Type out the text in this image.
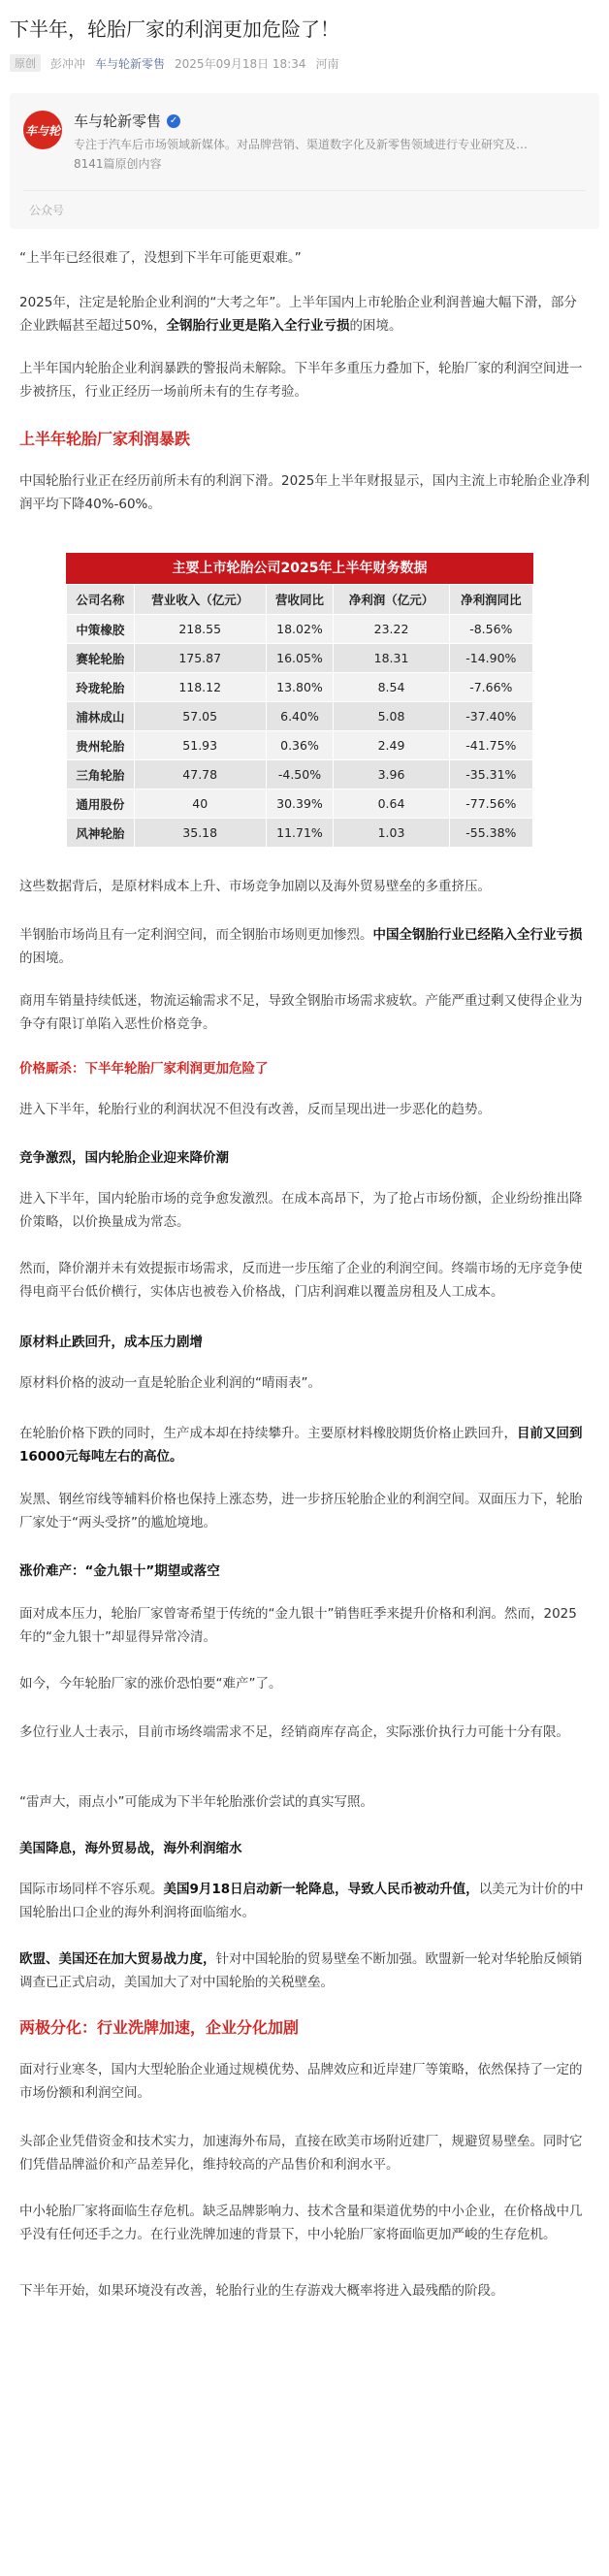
下半年，轮胎厂家的利润更加危险了！
原创	彭冲冲 车与轮新零售 2025年09月18日 18:34 河南
车与轮
车与轮新零售 ✓
专注于汽车后市场领域新媒体。对品牌营销、渠道数字化及新零售领域进行专业研究及…
8141篇原创内容
公众号
“上半年已经很难了，没想到下半年可能更艰难。”
2025年，注定是轮胎企业利润的“大考之年”。上半年国内上市轮胎企业利润普遍大幅下滑，部分企业跌幅甚至超过50%，全钢胎行业更是陷入全行业亏损的困境。
上半年国内轮胎企业利润暴跌的警报尚未解除。下半年多重压力叠加下，轮胎厂家的利润空间进一步被挤压，行业正经历一场前所未有的生存考验。
上半年轮胎厂家利润暴跌
中国轮胎行业正在经历前所未有的利润下滑。2025年上半年财报显示，国内主流上市轮胎企业净利润平均下降40%-60%。
主要上市轮胎公司2025年上半年财务数据
公司名称	营业收入（亿元）	营收同比	净利润（亿元）	净利润同比
中策橡胶	218.55	18.02%	23.22	-8.56%
赛轮轮胎	175.87	16.05%	18.31	-14.90%
玲珑轮胎	118.12	13.80%	8.54	-7.66%
浦林成山	57.05	6.40%	5.08	-37.40%
贵州轮胎	51.93	0.36%	2.49	-41.75%
三角轮胎	47.78	-4.50%	3.96	-35.31%
通用股份	40	30.39%	0.64	-77.56%
风神轮胎	35.18	11.71%	1.03	-55.38%
这些数据背后，是原材料成本上升、市场竞争加剧以及海外贸易壁垒的多重挤压。
半钢胎市场尚且有一定利润空间，而全钢胎市场则更加惨烈。中国全钢胎行业已经陷入全行业亏损的困境。
商用车销量持续低迷，物流运输需求不足，导致全钢胎市场需求疲软。产能严重过剩又使得企业为争夺有限订单陷入恶性价格竞争。
价格厮杀：下半年轮胎厂家利润更加危险了
进入下半年，轮胎行业的利润状况不但没有改善，反而呈现出进一步恶化的趋势。
竞争激烈，国内轮胎企业迎来降价潮
进入下半年，国内轮胎市场的竞争愈发激烈。在成本高昂下，为了抢占市场份额，企业纷纷推出降价策略，以价换量成为常态。
然而，降价潮并未有效提振市场需求，反而进一步压缩了企业的利润空间。终端市场的无序竞争使得电商平台低价横行，实体店也被卷入价格战，门店利润难以覆盖房租及人工成本。
原材料止跌回升，成本压力剧增
原材料价格的波动一直是轮胎企业利润的“晴雨表”。
在轮胎价格下跌的同时，生产成本却在持续攀升。主要原材料橡胶期货价格止跌回升，目前又回到16000元每吨左右的高位。
炭黑、钢丝帘线等辅料价格也保持上涨态势，进一步挤压轮胎企业的利润空间。双面压力下，轮胎厂家处于“两头受挤”的尴尬境地。
涨价难产：“金九银十”期望或落空
面对成本压力，轮胎厂家曾寄希望于传统的“金九银十”销售旺季来提升价格和利润。然而，2025年的“金九银十”却显得异常冷清。
如今，今年轮胎厂家的涨价恐怕要“难产”了。
多位行业人士表示，目前市场终端需求不足，经销商库存高企，实际涨价执行力可能十分有限。
“雷声大，雨点小”可能成为下半年轮胎涨价尝试的真实写照。
美国降息，海外贸易战，海外利润缩水
国际市场同样不容乐观。美国9月18日启动新一轮降息，导致人民币被动升值，以美元为计价的中国轮胎出口企业的海外利润将面临缩水。
欧盟、美国还在加大贸易战力度，针对中国轮胎的贸易壁垒不断加强。欧盟新一轮对华轮胎反倾销调查已正式启动，美国加大了对中国轮胎的关税壁垒。
两极分化：行业洗牌加速，企业分化加剧
面对行业寒冬，国内大型轮胎企业通过规模优势、品牌效应和近岸建厂等策略，依然保持了一定的市场份额和利润空间。
头部企业凭借资金和技术实力，加速海外布局，直接在欧美市场附近建厂，规避贸易壁垒。同时它们凭借品牌溢价和产品差异化，维持较高的产品售价和利润水平。
中小轮胎厂家将面临生存危机。缺乏品牌影响力、技术含量和渠道优势的中小企业，在价格战中几乎没有任何还手之力。在行业洗牌加速的背景下，中小轮胎厂家将面临更加严峻的生存危机。
下半年开始，如果环境没有改善，轮胎行业的生存游戏大概率将进入最残酷的阶段。
